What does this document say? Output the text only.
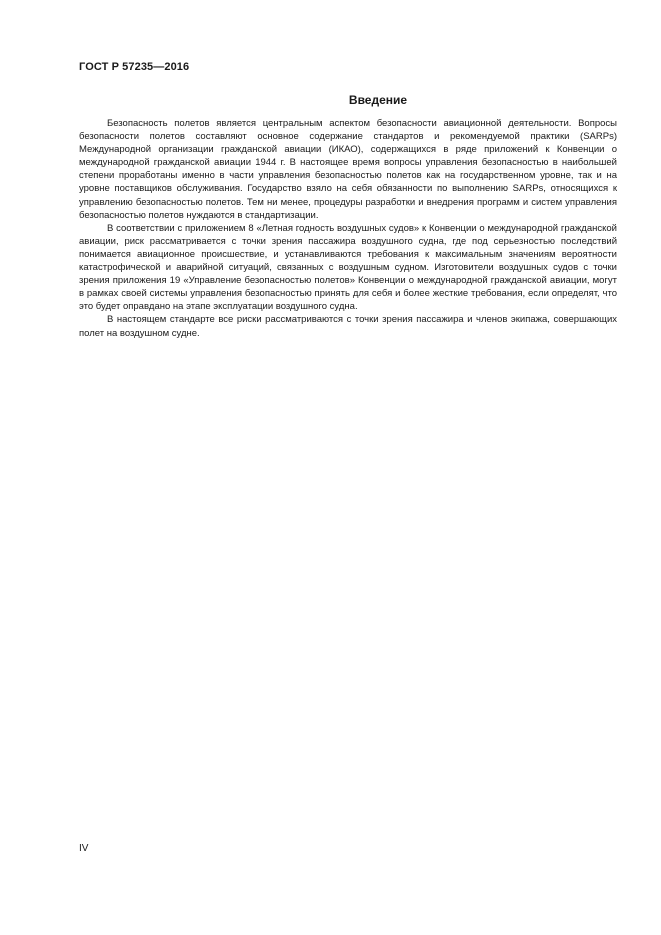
ГОСТ Р 57235—2016
Введение

Безопасность полетов является центральным аспектом безопасности авиационной деятельности. Вопросы безопасности полетов составляют основное содержание стандартов и рекомендуемой практики (SARPs) Международной организации гражданской авиации (ИКАО), содержащихся в ряде приложений к Конвенции о международной гражданской авиации 1944 г. В настоящее время вопросы управления безопасностью в наибольшей степени проработаны именно в части управления безопасностью полетов как на государственном уровне, так и на уровне поставщиков обслуживания. Государство взяло на себя обязанности по выполнению SARPs, относящихся к управлению безопасностью полетов. Тем ни менее, процедуры разработки и внедрения программ и систем управления безопасностью полетов нуждаются в стандартизации.

В соответствии с приложением 8 «Летная годность воздушных судов» к Конвенции о международной гражданской авиации, риск рассматривается с точки зрения пассажира воздушного судна, где под серьезностью последствий понимается авиационное происшествие, и устанавливаются требования к максимальным значениям вероятности катастрофической и аварийной ситуаций, связанных с воздушным судном. Изготовители воздушных судов с точки зрения приложения 19 «Управление безопасностью полетов» Конвенции о международной гражданской авиации, могут в рамках своей системы управления безопасностью принять для себя и более жесткие требования, если определят, что это будет оправдано на этапе эксплуатации воздушного судна.

В настоящем стандарте все риски рассматриваются с точки зрения пассажира и членов экипажа, совершающих полет на воздушном судне.

IV
